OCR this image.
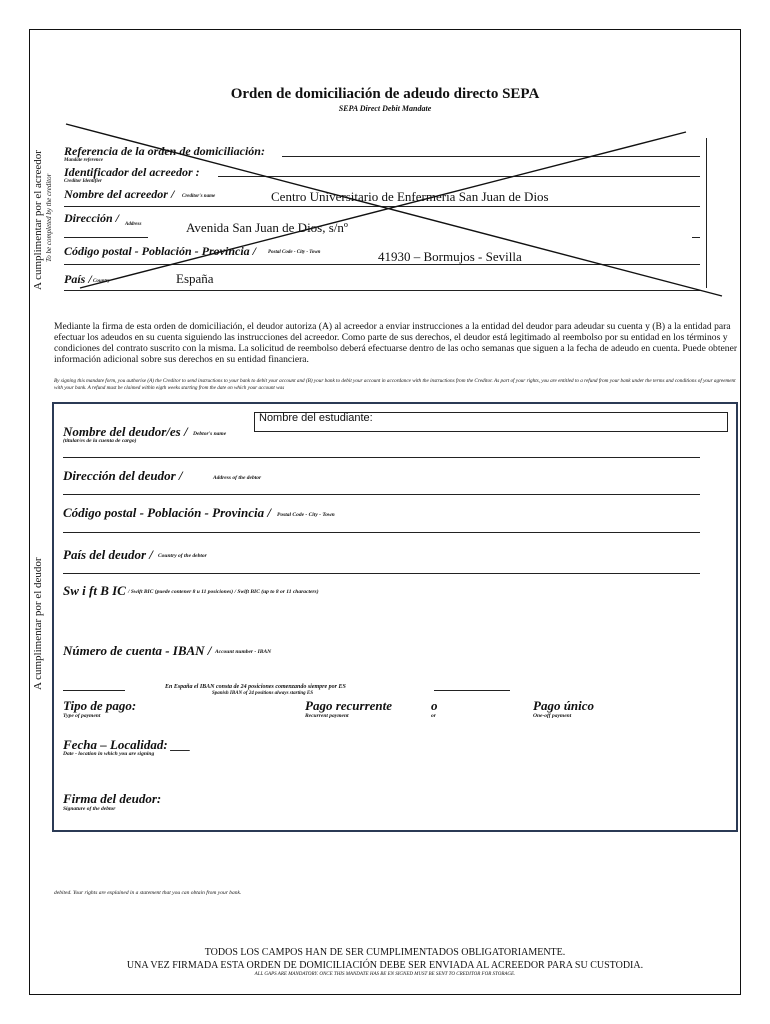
Orden de domiciliación de adeudo directo SEPA
SEPA Direct Debit Mandate
A cumplimentar por el acreedor To be completed by the creditor
Referencia de la orden de domiciliación:
Mandate reference
Identificador del acreedor :
Creditor Identifier
Nombre del acreedor / Creditor's name	Centro Universitario de Enfermería San Juan de Dios
Dirección / Address	Avenida San Juan de Dios, s/nº
Código postal - Población - Provincia / Postal Code - City - Town	41930 – Bormujos - Sevilla
País / Country	España
Mediante la firma de esta orden de domiciliación, el deudor autoriza (A) al acreedor a enviar instrucciones a la entidad del deudor para adeudar su cuenta y (B) a la entidad para efectuar los adeudos en su cuenta siguiendo las instrucciones del acreedor. Como parte de sus derechos, el deudor está legitimado al reembolso por su entidad en los términos y condiciones del contrato suscrito con la misma. La solicitud de reembolso deberá efectuarse dentro de las ocho semanas que siguen a la fecha de adeudo en cuenta. Puede obtener información adicional sobre sus derechos en su entidad financiera.
By signing this mandate form, you authorise (A) the Creditor to send instructions to your bank to debit your account and (B) your bank to debit your account in accordance with the instructions from the Creditor. As part of your rights, you are entitled to a refund from your bank under the terms and conditions of your agreement with your bank. A refund must be claimed within eigth weeks starting from the date on which your account was
A cumplimentar por el deudor
Nombre del estudiante:
Nombre del deudor/es / Debtor's name
(titular/es de la cuenta de cargo)
Dirección del deudor /	Address of the debtor
Código postal - Población - Provincia / Postal Code - City - Town
País del deudor / Country of the debtor
Sw i ft B IC / Swift BIC (puede contener 8 u 11 posiciones) / Swift BIC (up to 8 or 11 characters)
Número de cuenta - IBAN / Account number - IBAN
En España el IBAN consta de 24 posiciones comenzando siempre por ES
Spanish IBAN of 24 positions always starting ES
Tipo de pago:
Type of payment
Pago recurrente
Recurrent payment
o
or
Pago único
One-off payment
Fecha – Localidad: ___
Date - location in which you are signing
Firma del deudor:
Signature of the debtor
debited. Your rights are explained in a statement that you can obtain from your bank.
TODOS LOS CAMPOS HAN DE SER CUMPLIMENTADOS OBLIGATORIAMENTE.
UNA VEZ FIRMADA ESTA ORDEN DE DOMICILIACIÓN DEBE SER ENVIADA AL ACREEDOR PARA SU CUSTODIA.
ALL GAPS ARE MANDATORY. ONCE THIS MANDATE HAS BE EN SIGNED MUST BE SENT TO CREDITOR FOR STORAGE.
